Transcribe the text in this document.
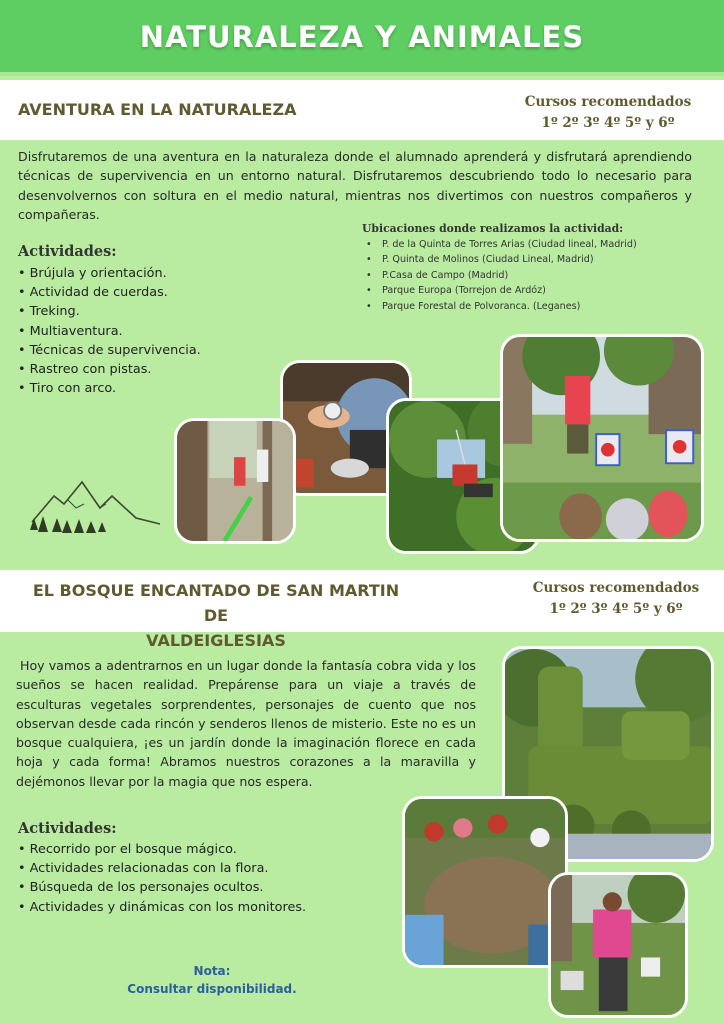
NATURALEZA Y ANIMALES
AVENTURA EN LA NATURALEZA	Cursos recomendados
1º 2º 3º 4º 5º y 6º

Disfrutaremos de una aventura en la naturaleza donde el alumnado aprenderá y disfrutará aprendiendo técnicas de supervivencia en un entorno natural. Disfrutaremos descubriendo todo lo necesario para desenvolvernos con soltura en el medio natural, mientras nos divertimos con nuestros compañeros y compañeras.

Ubicaciones donde realizamos la actividad:
• P. de la Quinta de Torres Arias (Ciudad lineal, Madrid)
• P. Quinta de Molinos (Ciudad Lineal, Madrid)
• P.Casa de Campo (Madrid)
• Parque Europa (Torrejon de Ardóz)
• Parque Forestal de Polvoranca. (Leganes)
Actividades:
• Brújula y orientación.
• Actividad de cuerdas.
• Treking.
• Multiaventura.
• Técnicas de supervivencia.
• Rastreo con pistas.
• Tiro con arco.
EL BOSQUE ENCANTADO DE SAN MARTIN DE
VALDEIGLESIAS
Cursos recomendados
1º 2º 3º 4º 5º y 6º

Hoy vamos a adentrarnos en un lugar donde la fantasía cobra vida y los sueños se hacen realidad. Prepárense para un viaje a través de esculturas vegetales sorprendentes, personajes de cuento que nos observan desde cada rincón y senderos llenos de misterio. Este no es un bosque cualquiera, ¡es un jardín donde la imaginación florece en cada hoja y cada forma! Abramos nuestros corazones a la maravilla y dejémonos llevar por la magia que nos espera.

Actividades:
• Recorrido por el bosque mágico.
• Actividades relacionadas con la flora.
• Búsqueda de los personajes ocultos.
• Actividades y dinámicas con los monitores.
Nota:
Consultar disponibilidad.
